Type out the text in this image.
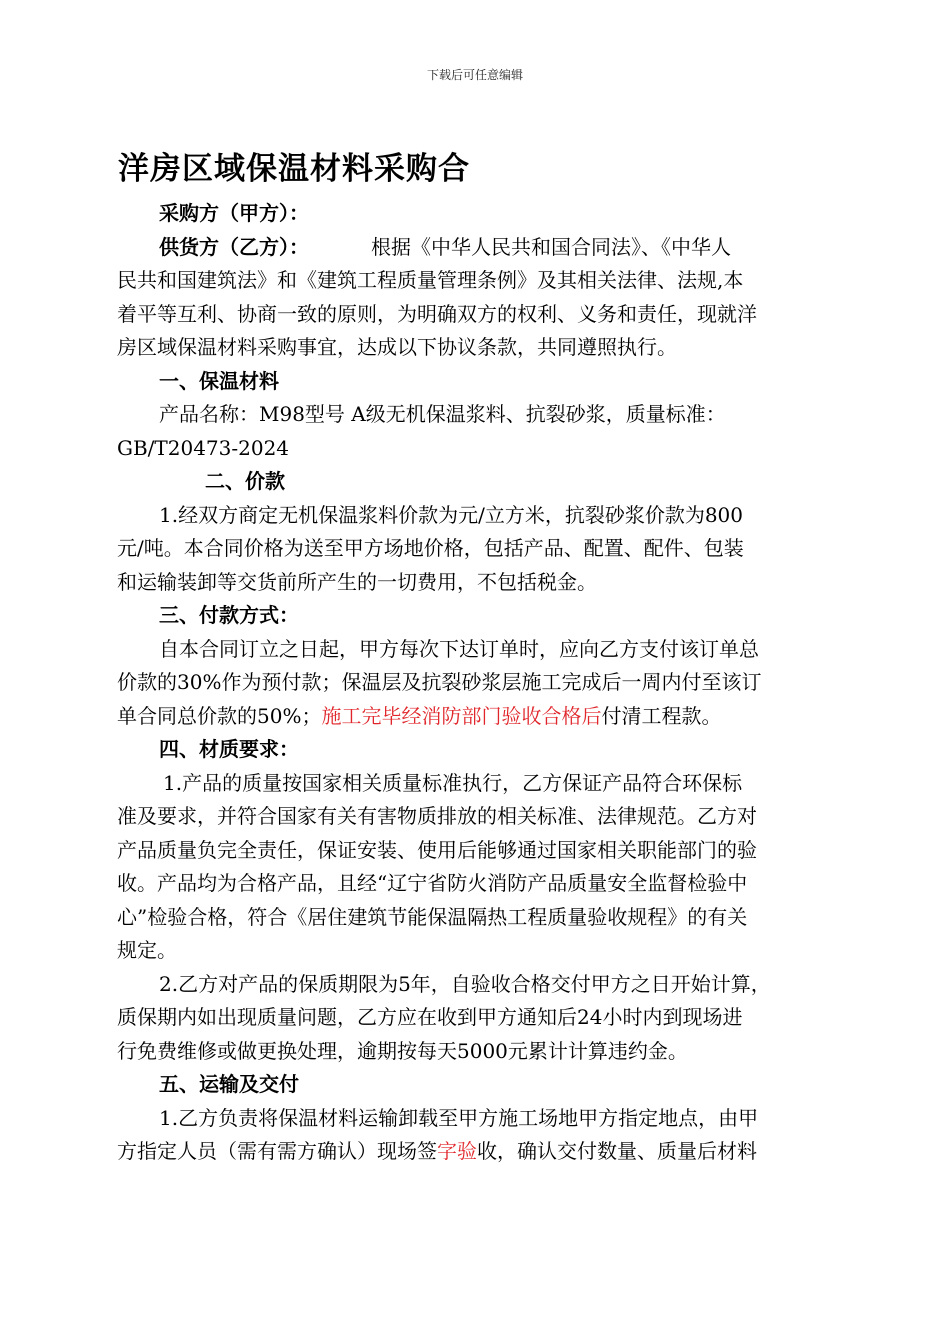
下载后可任意编辑
洋房区域保温材料采购合
采购方（甲方）：
供货方（乙方）：	根据《中华人民共和国合同法》、《中华人
民共和国建筑法》和《建筑工程质量管理条例》及其相关法律、法规,本
着平等互利、协商一致的原则，为明确双方的权利、义务和责任，现就洋
房区域保温材料采购事宜，达成以下协议条款，共同遵照执行。
一、保温材料
产品名称：M98型号 A级无机保温浆料、抗裂砂浆，质量标准：
GB/T20473-2024
二、价款
1.经双方商定无机保温浆料价款为元/立方米，抗裂砂浆价款为800
元/吨。本合同价格为送至甲方场地价格，包括产品、配置、配件、包装
和运输装卸等交货前所产生的一切费用，不包括税金。
三、付款方式：
自本合同订立之日起，甲方每次下达订单时，应向乙方支付该订单总
价款的30%作为预付款；保温层及抗裂砂浆层施工完成后一周内付至该订
单合同总价款的50%；施工完毕经消防部门验收合格后付清工程款。
四、材质要求：
1.产品的质量按国家相关质量标准执行，乙方保证产品符合环保标
准及要求，并符合国家有关有害物质排放的相关标准、法律规范。乙方对
产品质量负完全责任，保证安装、使用后能够通过国家相关职能部门的验
收。产品均为合格产品，且经“辽宁省防火消防产品质量安全监督检验中
心”检验合格，符合《居住建筑节能保温隔热工程质量验收规程》的有关
规定。
2.乙方对产品的保质期限为5年，自验收合格交付甲方之日开始计算，
质保期内如出现质量问题，乙方应在收到甲方通知后24小时内到现场进
行免费维修或做更换处理，逾期按每天5000元累计计算违约金。
五、运输及交付
1.乙方负责将保温材料运输卸载至甲方施工场地甲方指定地点，由甲
方指定人员（需有需方确认）现场签字验收，确认交付数量、质量后材料
